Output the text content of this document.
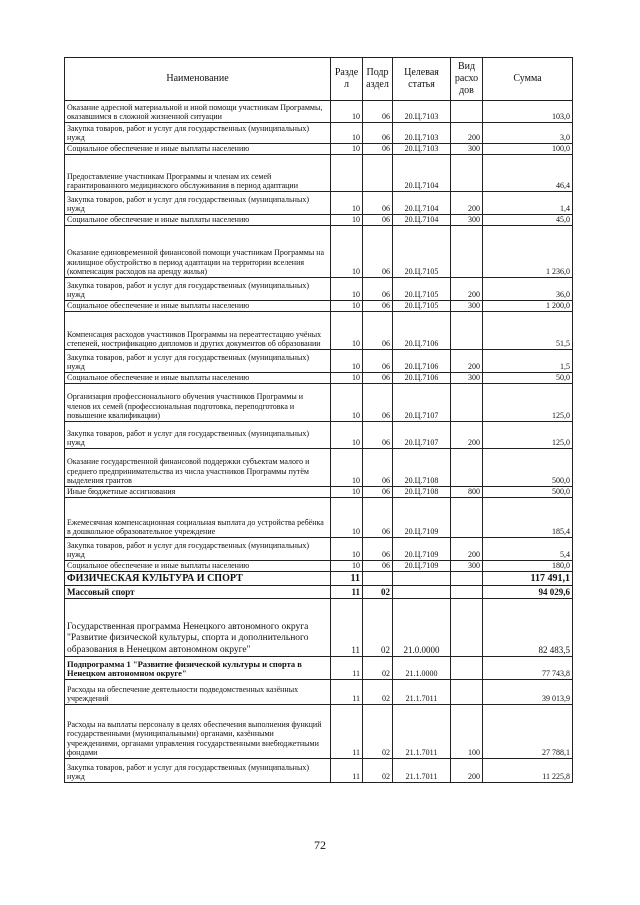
Наименование	Разде л	Подр аздел	Целевая статья	Вид расхо дов	Сумма
Оказание адресной материальной и иной помощи участникам Программы, оказавшимся в сложной жизненной ситуации	10	06	20.Ц.7103		103,0
Закупка товаров, работ и услуг для государственных (муниципальных) нужд	10	06	20.Ц.7103	200	3,0
Социальное обеспечение и иные выплаты населению	10	06	20.Ц.7103	300	100,0
Предоставление участникам Программы и членам их семей гарантированного медицинского обслуживания в период адаптации			20.Ц.7104		46,4
Закупка товаров, работ и услуг для государственных (муниципальных) нужд	10	06	20.Ц.7104	200	1,4
Социальное обеспечение и иные выплаты населению	10	06	20.Ц.7104	300	45,0
Оказание единовременной финансовой помощи участникам Программы на жилищное обустройство в период адаптации на территории вселения (компенсация расходов на аренду жилья)	10	06	20.Ц.7105		1 236,0
Закупка товаров, работ и услуг для государственных (муниципальных) нужд	10	06	20.Ц.7105	200	36,0
Социальное обеспечение и иные выплаты населению	10	06	20.Ц.7105	300	1 200,0
Компенсация расходов участников Программы на переаттестацию учёных степеней, нострификацию дипломов и других документов об образовании	10	06	20.Ц.7106		51,5
Закупка товаров, работ и услуг для государственных (муниципальных) нужд	10	06	20.Ц.7106	200	1,5
Социальное обеспечение и иные выплаты населению	10	06	20.Ц.7106	300	50,0
Организация профессионального обучения участников Программы и членов их семей (профессиональная подготовка, переподготовка и повышение квалификации)	10	06	20.Ц.7107		125,0
Закупка товаров, работ и услуг для государственных (муниципальных) нужд	10	06	20.Ц.7107	200	125,0
Оказание государственной финансовой поддержки субъектам малого и среднего предпринимательства из числа участников Программы путём выделения грантов	10	06	20.Ц.7108		500,0
Иные бюджетные ассигнования	10	06	20.Ц.7108	800	500,0
Ежемесячная компенсационная социальная выплата до устройства ребёнка в дошкольное образовательное учреждение	10	06	20.Ц.7109		185,4
Закупка товаров, работ и услуг для государственных (муниципальных) нужд	10	06	20.Ц.7109	200	5,4
Социальное обеспечение и иные выплаты населению	10	06	20.Ц.7109	300	180,0
ФИЗИЧЕСКАЯ КУЛЬТУРА И СПОРТ	11				117 491,1
Массовый спорт	11	02			94 029,6
Государственная программа Ненецкого автономного округа "Развитие физической культуры, спорта и дополнительного образования в Ненецком автономном округе"	11	02	21.0.0000		82 483,5
Подпрограмма 1 "Развитие физической культуры и спорта в Ненецком автономном округе"	11	02	21.1.0000		77 743,8
Расходы на обеспечение деятельности подведомственных казённых учреждений	11	02	21.1.7011		39 013,9
Расходы на выплаты персоналу в целях обеспечения выполнения функций государственными (муниципальными) органами, казёнными учреждениями, органами управления государственными внебюджетными фондами	11	02	21.1.7011	100	27 788,1
Закупка товаров, работ и услуг для государственных (муниципальных) нужд	11	02	21.1.7011	200	11 225,8
72
